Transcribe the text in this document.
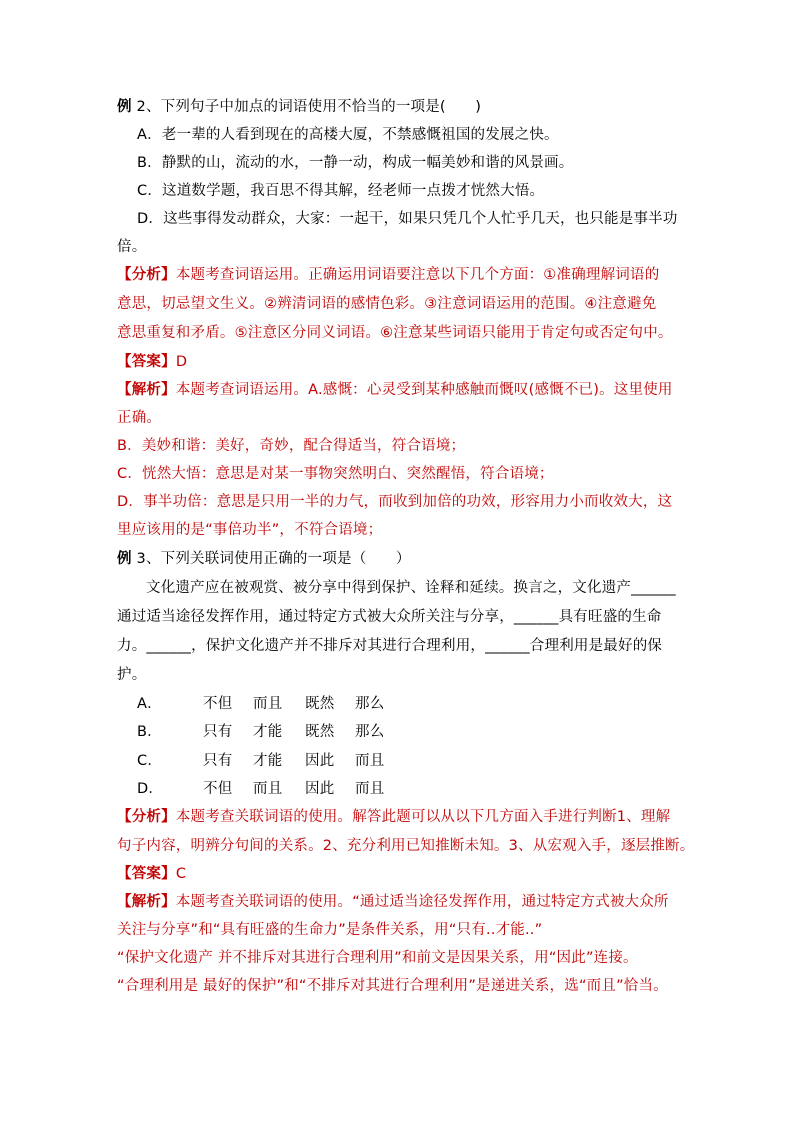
例 2、下列句子中加点的词语使用不恰当的一项是(　　)
A．老一辈的人看到现在的高楼大厦，不禁感慨祖国的发展之快。
B．静默的山，流动的水，一静一动，构成一幅美妙和谐的风景画。
C．这道数学题，我百思不得其解，经老师一点拨才恍然大悟。
D．这些事得发动群众，大家：一起干，如果只凭几个人忙乎几天，也只能是事半功
倍。
【分析】本题考查词语运用。正确运用词语要注意以下几个方面：①准确理解词语的
意思，切忌望文生义。②辨清词语的感情色彩。③注意词语运用的范围。④注意避免
意思重复和矛盾。⑤注意区分同义词语。⑥注意某些词语只能用于肯定句或否定句中。
【答案】D
【解析】本题考查词语运用。A.感慨：心灵受到某种感触而慨叹(感慨不已)。这里使用
正确。
B．美妙和谐：美好，奇妙，配合得适当，符合语境；
C．恍然大悟：意思是对某一事物突然明白、突然醒悟，符合语境；
D．事半功倍：意思是只用一半的力气，而收到加倍的功效，形容用力小而收效大，这
里应该用的是“事倍功半”，不符合语境；
例 3、下列关联词使用正确的一项是（　　）
文化遗产应在被观赏、被分享中得到保护、诠释和延续。换言之，文化遗产______
通过适当途径发挥作用，通过特定方式被大众所关注与分享，______具有旺盛的生命
力。______，保护文化遗产并不排斥对其进行合理利用，______合理利用是最好的保
护。
A．	不但 而且 既然 那么
B．	只有 才能 既然 那么
C．	只有 才能 因此 而且
D．	不但 而且 因此 而且
【分析】本题考查关联词语的使用。解答此题可以从以下几方面入手进行判断1、理解
句子内容，明辨分句间的关系。2、充分利用已知推断未知。3、从宏观入手，逐层推断。
【答案】C
【解析】本题考查关联词语的使用。“通过适当途径发挥作用，通过特定方式被大众所
关注与分享”和“具有旺盛的生命力”是条件关系，用“只有..才能..”
“保护文化遗产 并不排斥对其进行合理利用”和前文是因果关系，用“因此”连接。
“合理利用是 最好的保护”和“不排斥对其进行合理利用”是递进关系，选“而且”恰当。
